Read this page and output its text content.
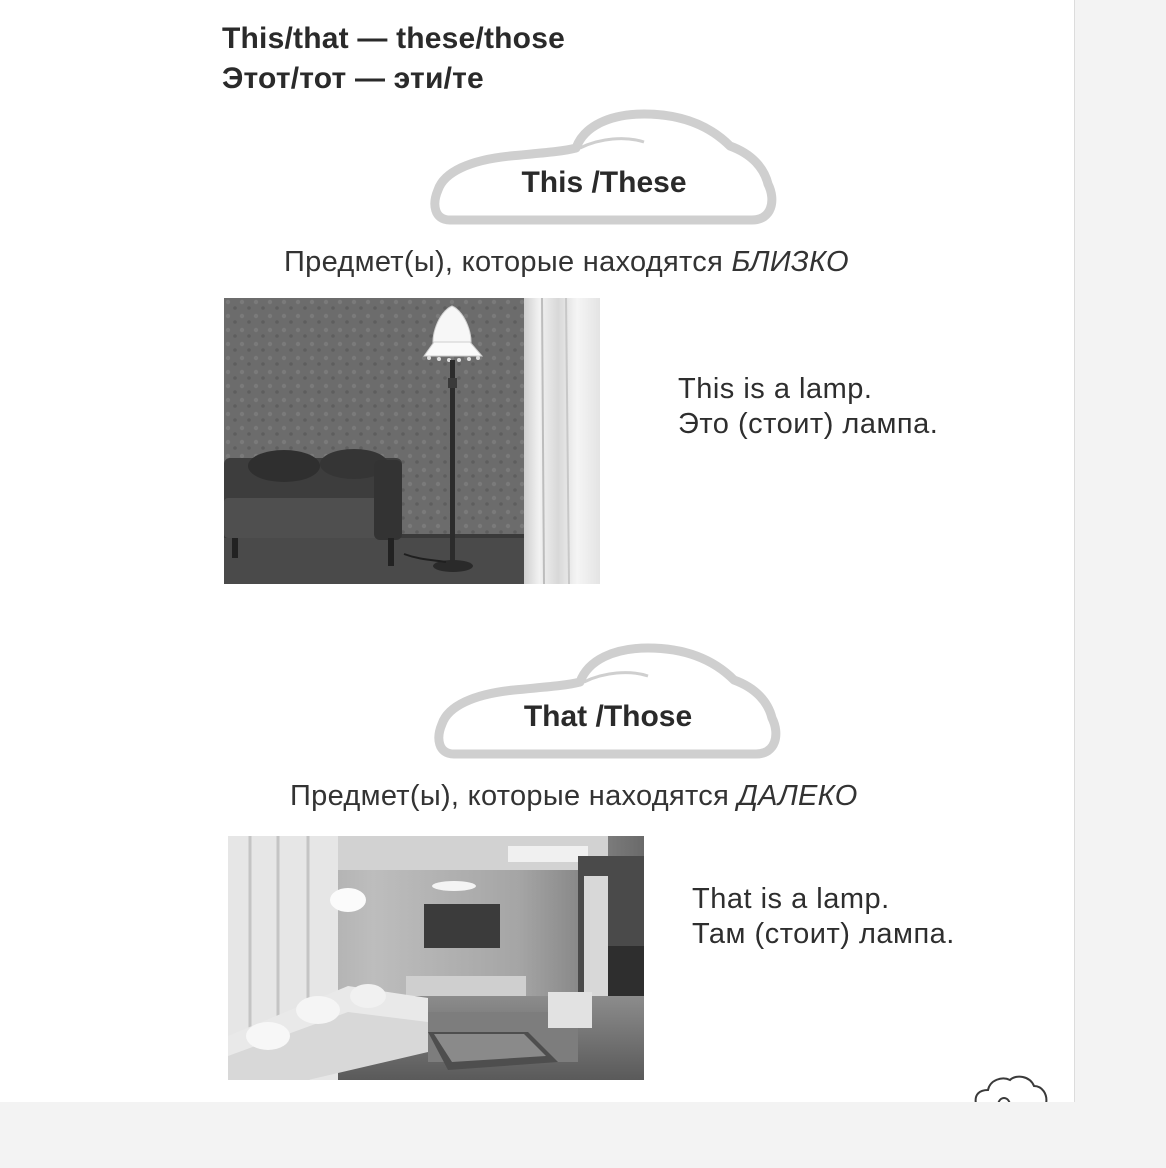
This/that — these/those
Этот/тот — эти/те
This /These
Предмет(ы), которые находятся БЛИЗКО
This is a lamp.
Это (стоит) лампа.
That /Those
Предмет(ы), которые находятся ДАЛЕКО
That is a lamp.
Там (стоит) лампа.
